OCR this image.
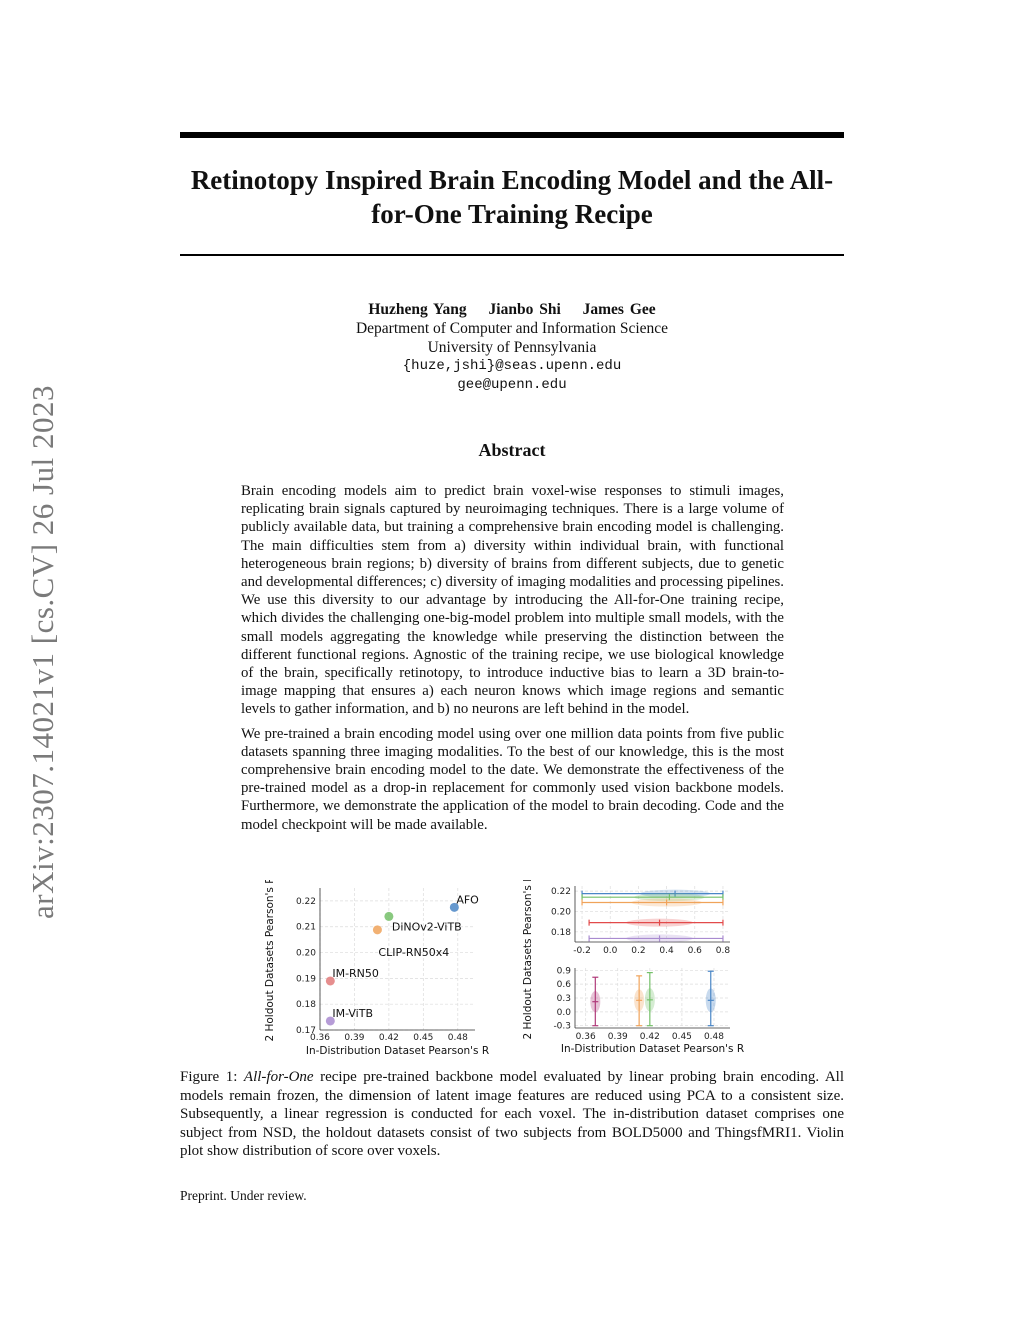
Retinotopy Inspired Brain Encoding Model and the All-for-One Training Recipe
arXiv:2307.14021v1 [cs.CV] 26 Jul 2023
Huzheng Yang Jianbo Shi James Gee
Department of Computer and Information Science
University of Pennsylvania
{huze,jshi}@seas.upenn.edu
gee@upenn.edu
Abstract

Brain encoding models aim to predict brain voxel-wise responses to stimuli images, replicating brain signals captured by neuroimaging techniques. There is a large volume of publicly available data, but training a comprehensive brain encoding model is challenging. The main difficulties stem from a) diversity within individual brain, with functional heterogeneous brain regions; b) diversity of brains from different subjects, due to genetic and developmental differences; c) diversity of imaging modalities and processing pipelines. We use this diversity to our advantage by introducing the All-for-One training recipe, which divides the challenging one-big-model problem into multiple small models, with the small models aggregating the knowledge while preserving the distinction between the different functional regions. Agnostic of the training recipe, we use biological knowledge of the brain, specifically retinotopy, to introduce inductive bias to learn a 3D brain-to-image mapping that ensures a) each neuron knows which image regions and semantic levels to gather information, and b) no neurons are left behind in the model.

We pre-trained a brain encoding model using over one million data points from five public datasets spanning three imaging modalities. To the best of our knowledge, this is the most comprehensive brain encoding model to the date. We demonstrate the effectiveness of the pre-trained model as a drop-in replacement for commonly used vision backbone models. Furthermore, we demonstrate the application of the model to brain decoding. Code and the model checkpoint will be made available.

0.36 0.39 0.42 0.45 0.48
0.17
0.18
0.19
0.20
0.21
0.22	AFO
DiNOv2-ViTB
CLIP-RN50x4
IM-RN50
IM-ViTB
In-Distribution Dataset Pearson's R
2 Holdout Datasets Pearson's R	-0.2 0.0 0.2 0.4 0.6 0.8
0.18
0.20
0.22
0.36 0.39 0.42 0.45 0.48
-0.3
0.0
0.3
0.6
0.9
In-Distribution Dataset Pearson's R
2 Holdout Datasets Pearson's R

Figure 1: All-for-One recipe pre-trained backbone model evaluated by linear probing brain encoding. All models remain frozen, the dimension of latent image features are reduced using PCA to a consistent size. Subsequently, a linear regression is conducted for each voxel. The in-distribution dataset comprises one subject from NSD, the holdout datasets consist of two subjects from BOLD5000 and ThingsfMRI1. Violin plot show distribution of score over voxels.

Preprint. Under review.
